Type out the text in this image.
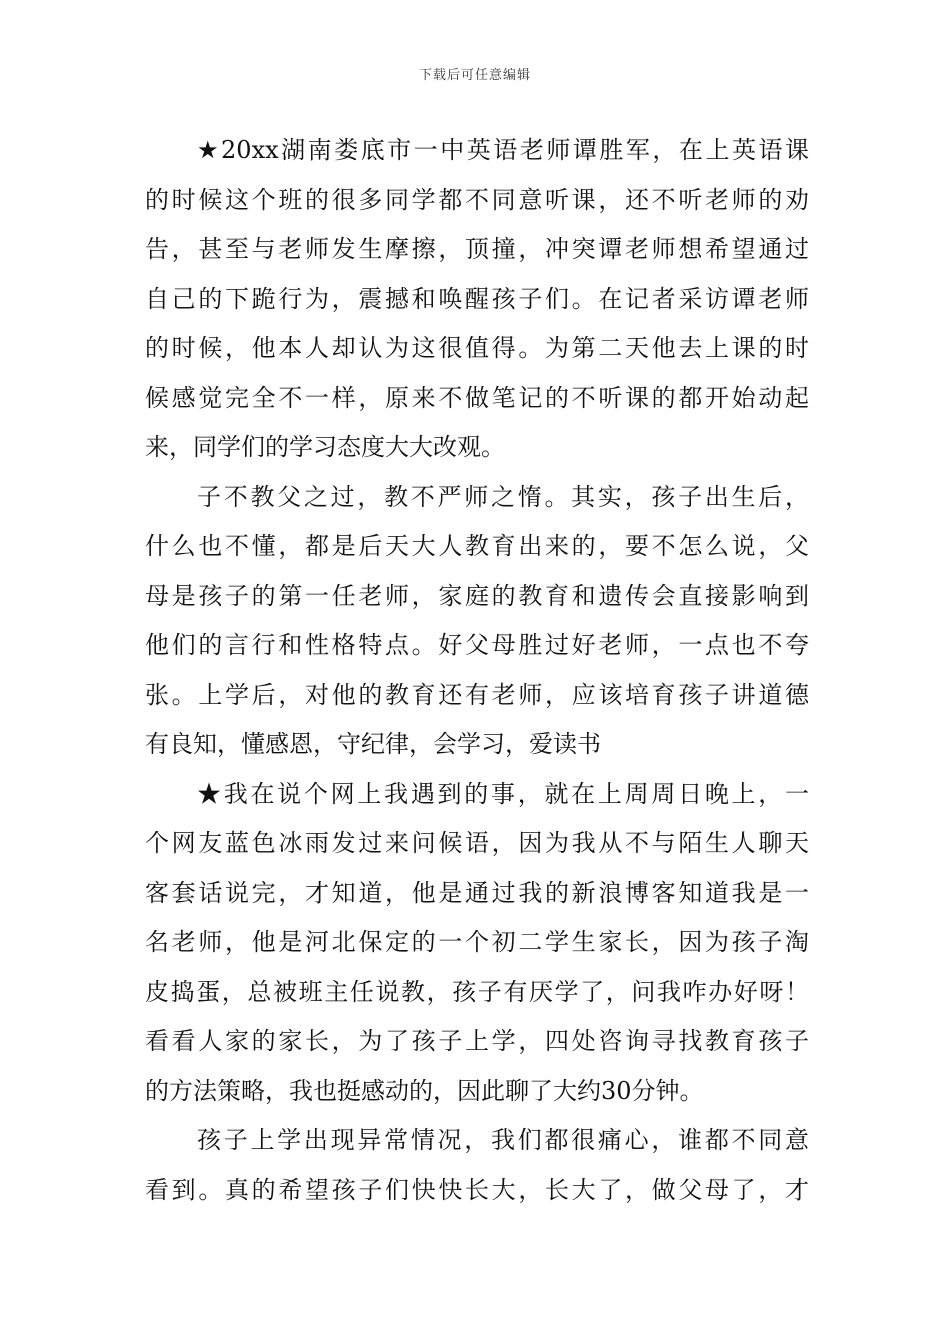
下载后可任意编辑
★20xx湖南娄底市一中英语老师谭胜军，在上英语课
的时候这个班的很多同学都不同意听课，还不听老师的劝
告，甚至与老师发生摩擦，顶撞，冲突谭老师想希望通过
自己的下跪行为，震撼和唤醒孩子们。在记者采访谭老师
的时候，他本人却认为这很值得。为第二天他去上课的时
候感觉完全不一样，原来不做笔记的不听课的都开始动起
来，同学们的学习态度大大改观。
子不教父之过，教不严师之惰。其实，孩子出生后，
什么也不懂，都是后天大人教育出来的，要不怎么说，父
母是孩子的第一任老师，家庭的教育和遗传会直接影响到
他们的言行和性格特点。好父母胜过好老师，一点也不夸
张。上学后，对他的教育还有老师，应该培育孩子讲道德
有良知，懂感恩，守纪律，会学习，爱读书
★我在说个网上我遇到的事，就在上周周日晚上，一
个网友蓝色冰雨发过来问候语，因为我从不与陌生人聊天
客套话说完，才知道，他是通过我的新浪博客知道我是一
名老师，他是河北保定的一个初二学生家长，因为孩子淘
皮捣蛋，总被班主任说教，孩子有厌学了，问我咋办好呀！
看看人家的家长，为了孩子上学，四处咨询寻找教育孩子
的方法策略，我也挺感动的，因此聊了大约30分钟。
孩子上学出现异常情况，我们都很痛心，谁都不同意
看到。真的希望孩子们快快长大，长大了，做父母了，才
